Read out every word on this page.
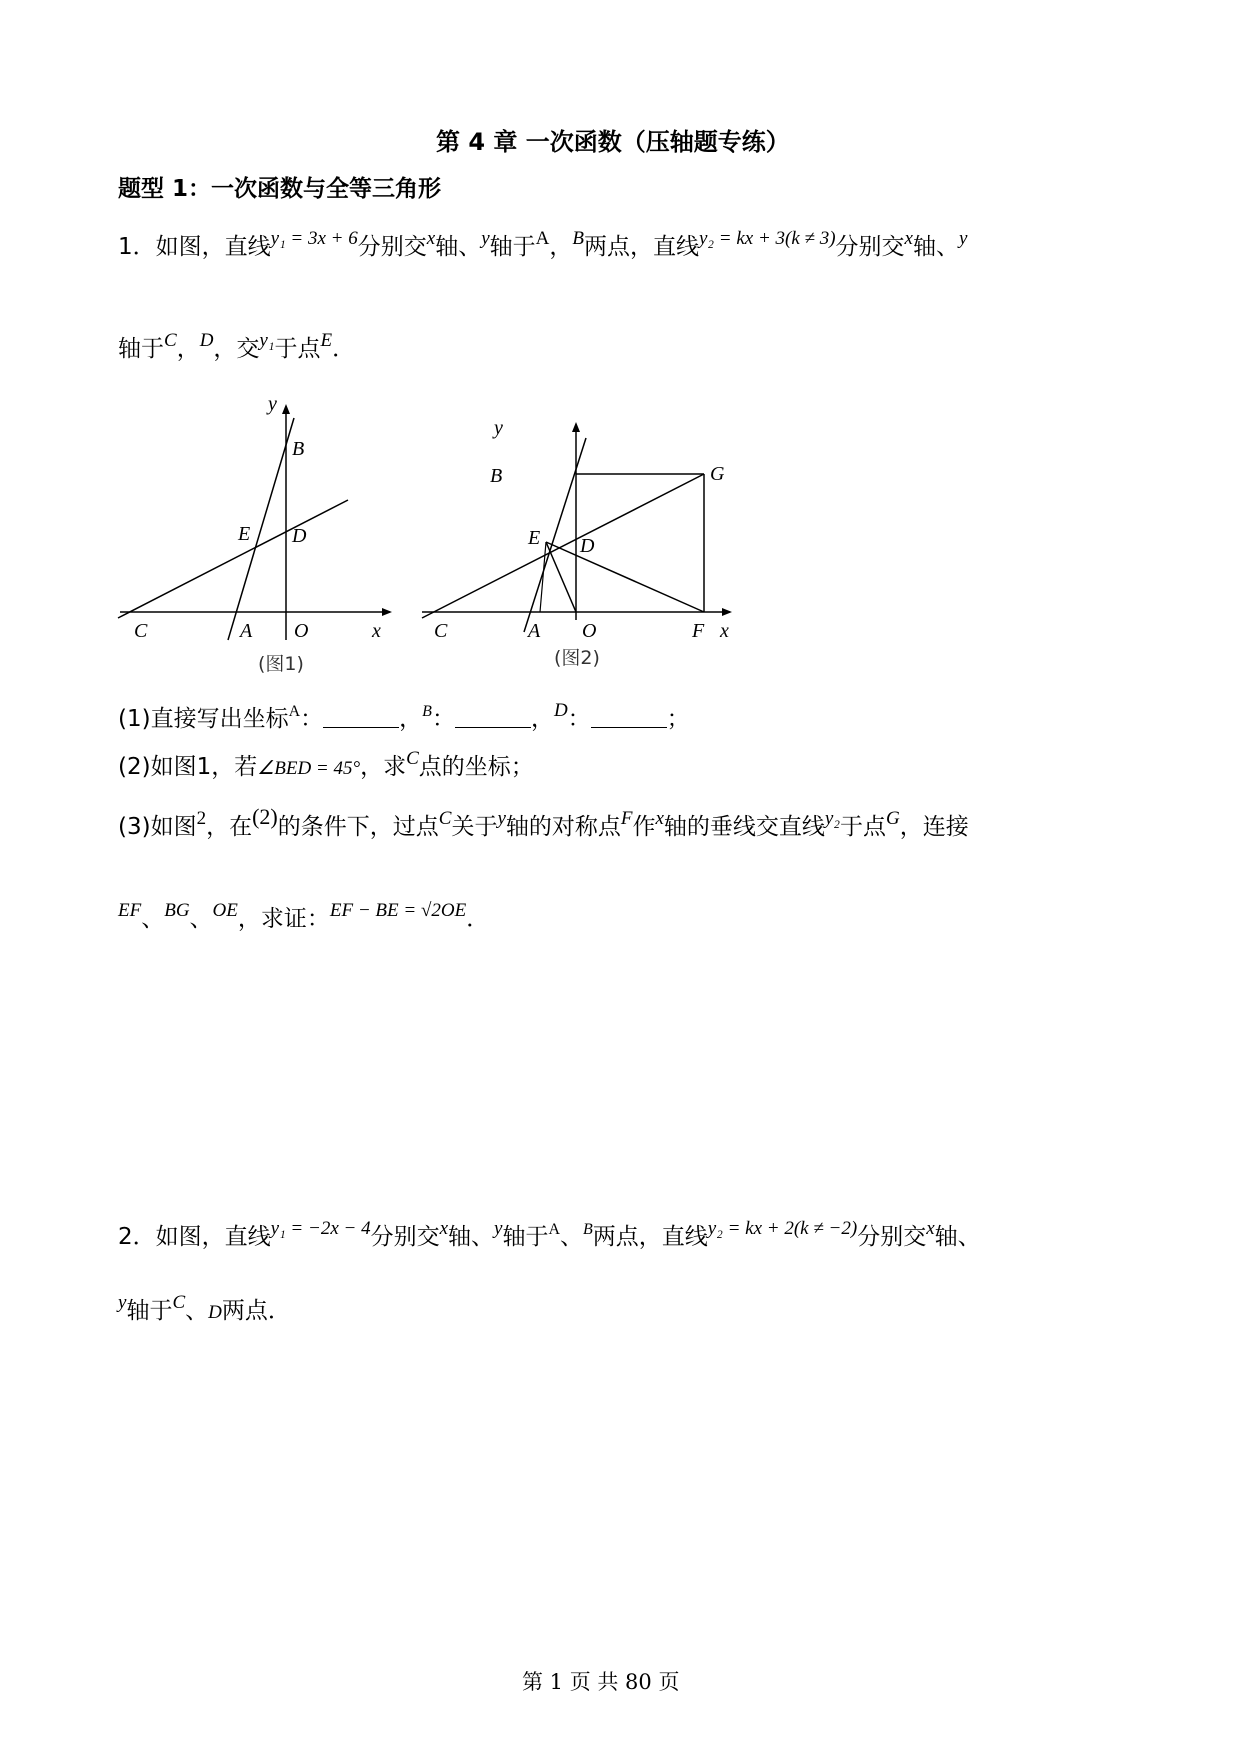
第 4 章 一次函数（压轴题专练）
题型 1：一次函数与全等三角形
1．如图，直线$^{y_1 = 3x + 6}$分别交$^x$轴、$^y$轴于$^A$，$^B$两点，直线$^{y_2 = kx + 3(k \ne 3)}$分别交$^x$轴、$^y$
轴于$^C$，$^D$，交$^{y_1}$于点$^E$．
y
B
E D
C	A O	x
(图1)
y
B	G
E D
C	A O	F x
(图2)
(1)直接写出坐标$^A$：	，$^B$：	，$^D$：	；
(2)如图1，若∠BED = 45°，求$^C$点的坐标；
(3)如图$^2$，在(2)的条件下，过点$^C$关于$^y$轴的对称点$^F$作$^x$轴的垂线交直线$^{y_2}$于点$^G$，连接
$^{EF}$、$^{BG}$、$^{OE}$，求证：$^{EF - BE = √2OE}$．
2．如图，直线$^{y_1 = -2x - 4}$分别交$^x$轴、$^y$轴于$^A$、$^B$两点，直线$^{y_2 = kx + 2(k \ne -2)}$分别交$^x$轴、
$^y$轴于$^C$、D两点．
第 1 页 共 80 页
